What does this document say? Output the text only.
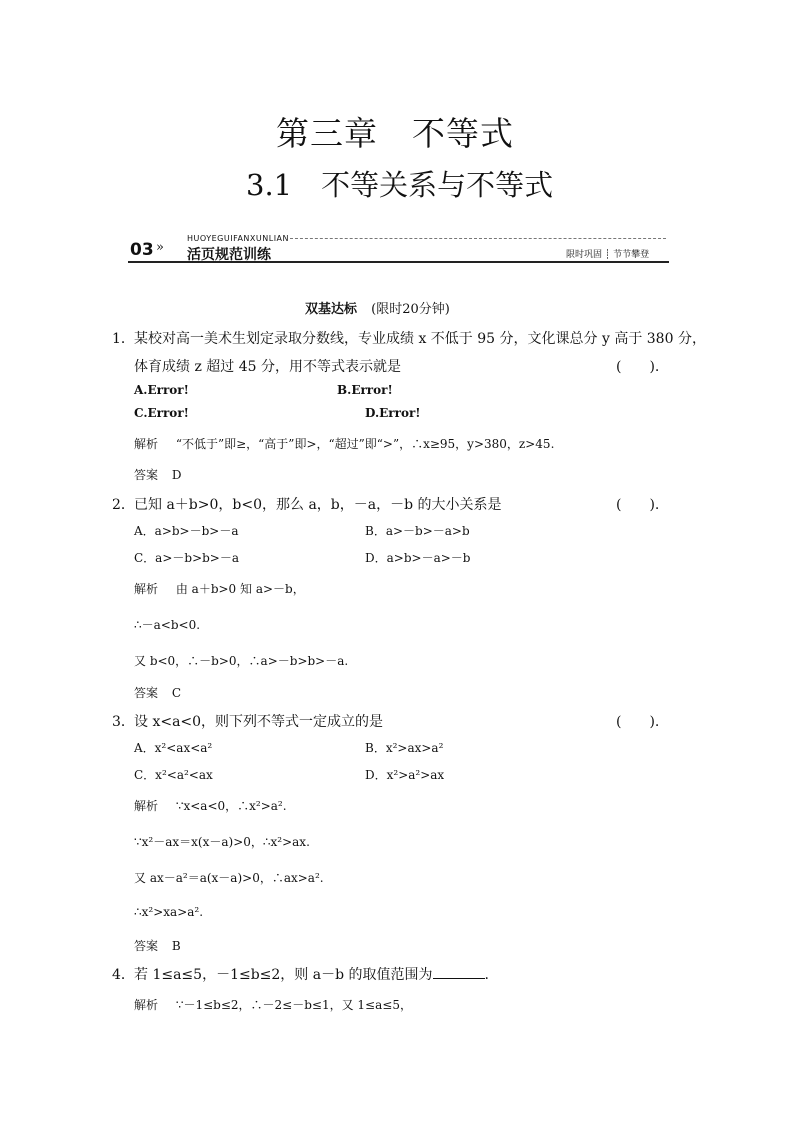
第三章　不等式
3.1　不等关系与不等式
HUOYEGUIFANXUNLIAN
03 » 活页规范训练	限时巩固 ┊ 节节攀登
双基达标 (限时20分钟)
1． 某校对高一美术生划定录取分数线，专业成绩 x 不低于 95 分，文化课总分 y 高于 380 分，
体育成绩 z 超过 45 分，用不等式表示就是	(　　).
A.Error!	B.Error!
C.Error!	D.Error!
解析 “不低于”即≥，“高于”即>，“超过”即“>”，∴x≥95，y>380，z>45.
答案 D
2． 已知 a＋b>0，b<0，那么 a，b，－a，－b 的大小关系是	(　　).
A．a>b>－b>－a	B．a>－b>－a>b
C．a>－b>b>－a	D．a>b>－a>－b
解析 由 a＋b>0 知 a>－b，
∴－a<b<0.
又 b<0，∴－b>0，∴a>－b>b>－a.
答案 C
3． 设 x<a<0，则下列不等式一定成立的是	(　　).
A．x²<ax<a²	B．x²>ax>a²
C．x²<a²<ax	D．x²>a²>ax
解析 ∵x<a<0，∴x²>a².
∵x²－ax＝x(x－a)>0，∴x²>ax.
又 ax－a²＝a(x－a)>0，∴ax>a².
∴x²>xa>a².
答案 B
4． 若 1≤a≤5，－1≤b≤2，则 a－b 的取值范围为	.
解析 ∵－1≤b≤2，∴－2≤－b≤1，又 1≤a≤5，
